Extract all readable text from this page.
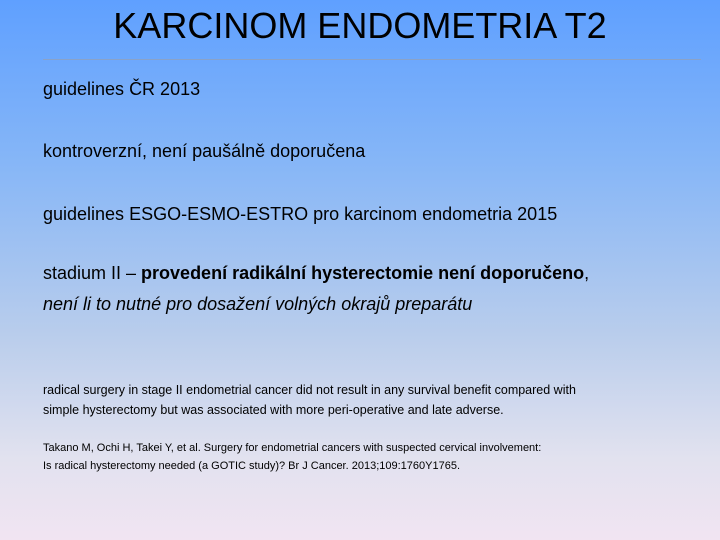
KARCINOM ENDOMETRIA T2
guidelines ČR 2013
kontroverzní, není paušálně doporučena
guidelines ESGO-ESMO-ESTRO pro karcinom endometria 2015
stadium II – provedení radikální hysterectomie není doporučeno,
není li to nutné pro dosažení volných okrajů preparátu
radical surgery in stage II endometrial cancer did not result in any survival benefit compared with
simple hysterectomy but was associated with more peri-operative and late adverse.
Takano M, Ochi H, Takei Y, et al. Surgery for endometrial cancers with suspected cervical involvement:
Is radical hysterectomy needed (a GOTIC study)? Br J Cancer. 2013;109:1760Y1765.
